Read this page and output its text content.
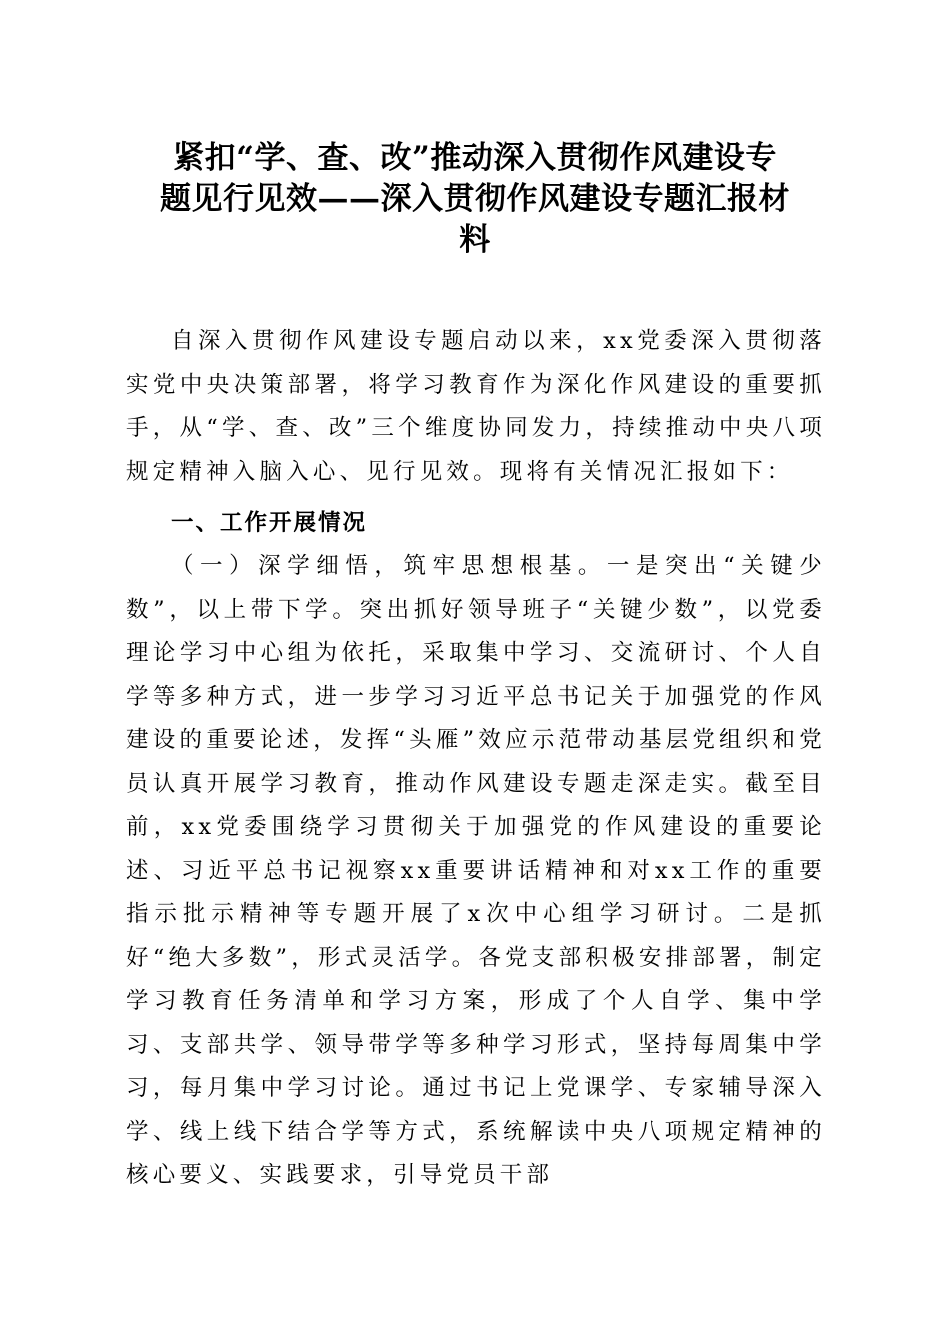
紧扣“学、查、改”推动深入贯彻作风建设专
题见行见效——深入贯彻作风建设专题汇报材
料

自深入贯彻作风建设专题启动以来，xx党委深入贯彻落实党中央决策部署，将学习教育作为深化作风建设的重要抓手，从“学、查、改”三个维度协同发力，持续推动中央八项规定精神入脑入心、见行见效。现将有关情况汇报如下：

一、工作开展情况

（一）深学细悟，筑牢思想根基。一是突出“关键少数”，以上带下学。突出抓好领导班子“关键少数”，以党委理论学习中心组为依托，采取集中学习、交流研讨、个人自学等多种方式，进一步学习习近平总书记关于加强党的作风建设的重要论述，发挥“头雁”效应示范带动基层党组织和党员认真开展学习教育，推动作风建设专题走深走实。截至目前，xx党委围绕学习贯彻关于加强党的作风建设的重要论述、习近平总书记视察xx重要讲话精神和对xx工作的重要指示批示精神等专题开展了x次中心组学习研讨。二是抓好“绝大多数”，形式灵活学。各党支部积极安排部署，制定学习教育任务清单和学习方案，形成了个人自学、集中学习、支部共学、领导带学等多种学习形式，坚持每周集中学习，每月集中学习讨论。通过书记上党课学、专家辅导深入学、线上线下结合学等方式，系统解读中央八项规定精神的核心要义、实践要求，引导党员干部
